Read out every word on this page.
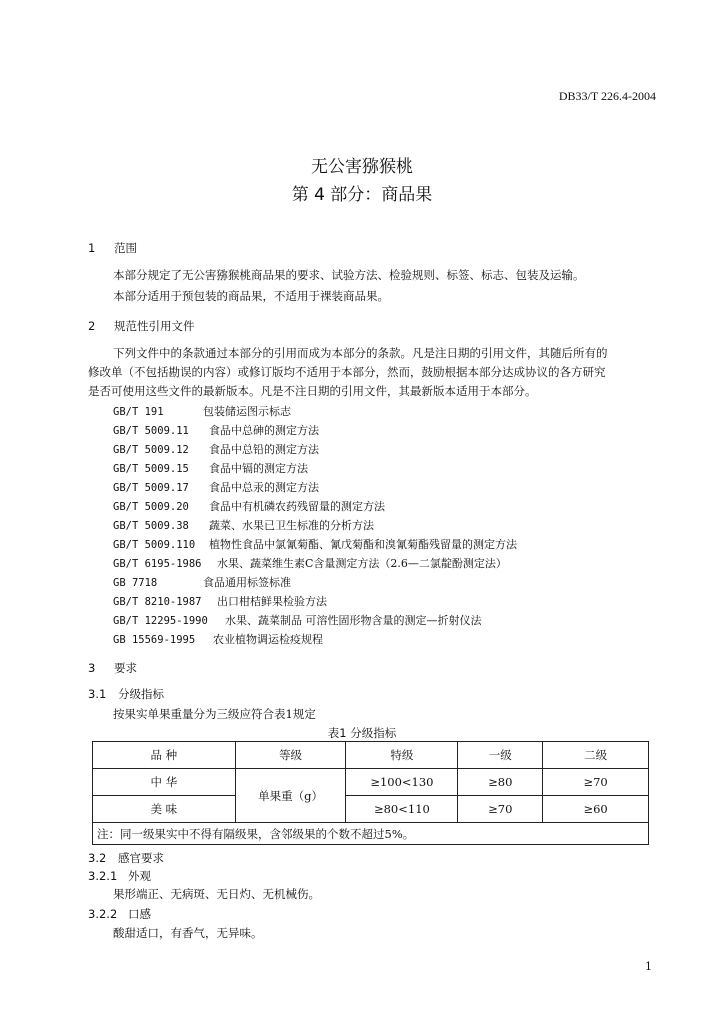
DB33/T 226.4-2004
无公害猕猴桃
第 4 部分：商品果
1 范围
本部分规定了无公害猕猴桃商品果的要求、试验方法、检验规则、标签、标志、包装及运输。
本部分适用于预包装的商品果，不适用于裸装商品果。
2 规范性引用文件
下列文件中的条款通过本部分的引用而成为本部分的条款。凡是注日期的引用文件，其随后所有的
修改单（不包括勘误的内容）或修订版均不适用于本部分，然而，鼓励根据本部分达成协议的各方研究
是否可使用这些文件的最新版本。凡是不注日期的引用文件，其最新版本适用于本部分。
GB/T 191	包装储运图示标志
GB/T 5009.11 食品中总砷的测定方法
GB/T 5009.12 食品中总铅的测定方法
GB/T 5009.15 食品中镉的测定方法
GB/T 5009.17 食品中总汞的测定方法
GB/T 5009.20 食品中有机磷农药残留量的测定方法
GB/T 5009.38 蔬菜、水果已卫生标准的分析方法
GB/T 5009.110 植物性食品中氯氰菊酯、氰戊菊酯和溴氰菊酯残留量的测定方法
GB/T 6195-1986 水果、蔬菜维生素C含量测定方法（2.6—二氯靛酚测定法）
GB 7718	食品通用标签标准
GB/T 8210-1987 出口柑桔鲜果检验方法
GB/T 12295-1990 水果、蔬菜制品 可溶性固形物含量的测定—折射仪法
GB 15569-1995 农业植物调运检疫规程
3 要求
3.1 分级指标
按果实单果重量分为三级应符合表1规定
表1 分级指标
品 种	等级	特级	一级	二级
中 华	单果重（g）	≥100<130	≥80	≥70
美 味		≥80<110	≥70	≥60
注：同一级果实中不得有隔级果，含邻级果的个数不超过5%。				
3.2 感官要求
3.2.1 外观
果形端正、无病斑、无日灼、无机械伤。
3.2.2 口感
酸甜适口，有香气，无异味。
1
